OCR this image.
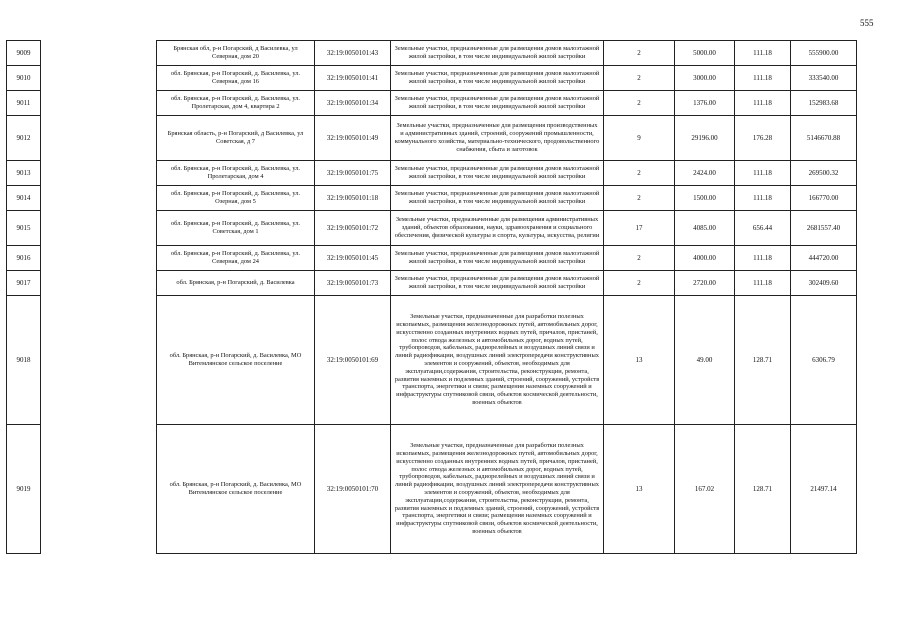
555
9009		Брянская обл, р-н Погарский, д Василевка, ул Северная, дом 20	32:19:0050101:43	Земельные участки, предназначенные для размещения домов малоэтажной жилой застройки, в том числе индивидуальной жилой застройки	2	5000.00	111.18	555900.00
9010		обл. Брянская, р-н Погарский, д. Василевка, ул. Северная, дом 16	32:19:0050101:41	Земельные участки, предназначенные для размещения домов малоэтажной жилой застройки, в том числе индивидуальной жилой застройки	2	3000.00	111.18	333540.00
9011		обл. Брянская, р-н Погарский, д. Василевка, ул. Пролетарская, дом 4, квартира 2	32:19:0050101:34	Земельные участки, предназначенные для размещения домов малоэтажной жилой застройки, в том числе индивидуальной жилой застройки	2	1376.00	111.18	152983.68
9012		Брянская область, р-н Погарский, д Василевка, ул Советская, д 7	32:19:0050101:49	Земельные участки, предназначенные для размещения производственных и административных зданий, строений, сооружений промышленности, коммунального хозяйства, материально-технического, продовольственного снабжения, сбыта и заготовок	9	29196.00	176.28	5146670.88
9013		обл. Брянская, р-н Погарский, д. Василевка, ул. Пролетарская, дом 4	32:19:0050101:75	Земельные участки, предназначенные для размещения домов малоэтажной жилой застройки, в том числе индивидуальной жилой застройки	2	2424.00	111.18	269500.32
9014		обл. Брянская, р-н Погарский, д. Василевка, ул. Озерная, дом 5	32:19:0050101:18	Земельные участки, предназначенные для размещения домов малоэтажной жилой застройки, в том числе индивидуальной жилой застройки	2	1500.00	111.18	166770.00
9015		обл. Брянская, р-н Погарский, д. Василевка, ул. Советская, дом 1	32:19:0050101:72	Земельные участки, предназначенные для размещения административных зданий, объектов образования, науки, здравоохранения и социального обеспечения, физической культуры и спорта, культуры, искусства, религии	17	4085.00	656.44	2681557.40
9016		обл. Брянская, р-н Погарский, д. Василевка, ул. Северная, дом 24	32:19:0050101:45	Земельные участки, предназначенные для размещения домов малоэтажной жилой застройки, в том числе индивидуальной жилой застройки	2	4000.00	111.18	444720.00
9017		обл. Брянская, р-н Погарский, д. Василевка	32:19:0050101:73	Земельные участки, предназначенные для размещения домов малоэтажной жилой застройки, в том числе индивидуальной жилой застройки	2	2720.00	111.18	302409.60
9018		обл. Брянская, р-н Погарский, д. Василевка, МО Витемлянское сельское поселение	32:19:0050101:69	Земельные участки, предназначенные для разработки полезных ископаемых, размещения железнодорожных путей, автомобильных дорог, искусственно созданных внутренних водных путей, причалов, пристаней, полос отвода железных и автомобильных дорог, водных путей, трубопроводов, кабельных, радиорелейных и воздушных линий связи и линий радиофикации, воздушных линий электропередачи конструктивных элементов и сооружений, объектов, необходимых для эксплуатации,содержания, строительства, реконструкции, ремонта, развития наземных и подземных зданий, строений, сооружений, устройств транспорта, энергетики и связи; размещения наземных сооружений и инфраструктуры спутниковой связи, объектов космической деятельности, военных объектов	13	49.00	128.71	6306.79
9019		обл. Брянская, р-н Погарский, д. Василевка, МО Витемлянское сельское поселение	32:19:0050101:70	Земельные участки, предназначенные для разработки полезных ископаемых, размещения железнодорожных путей, автомобильных дорог, искусственно созданных внутренних водных путей, причалов, пристаней, полос отвода железных и автомобильных дорог, водных путей, трубопроводов, кабельных, радиорелейных и воздушных линий связи и линий радиофикации, воздушных линий электропередачи конструктивных элементов и сооружений, объектов, необходимых для эксплуатации,содержания, строительства, реконструкции, ремонта, развития наземных и подземных зданий, строений, сооружений, устройств транспорта, энергетики и связи; размещения наземных сооружений и инфраструктуры спутниковой связи, объектов космической деятельности, военных объектов	13	167.02	128.71	21497.14
